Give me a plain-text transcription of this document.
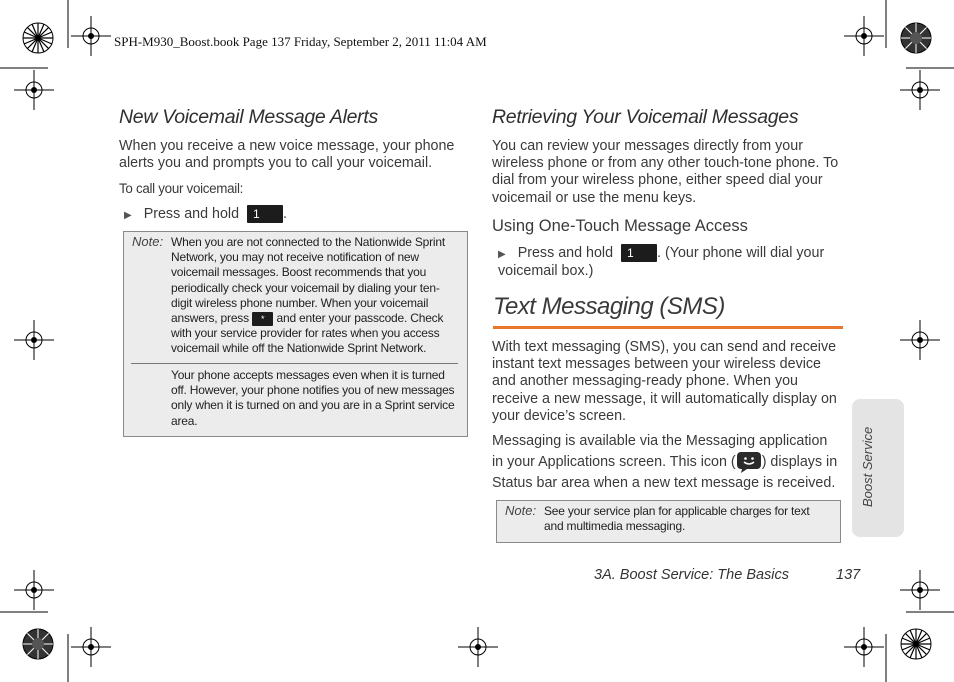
SPH-M930_Boost.book Page 137 Friday, September 2, 2011 11:04 AM
New Voicemail Message Alerts
When you receive a new voice message, your phone alerts you and prompts you to call your voicemail.
To call your voicemail:
▶ Press and hold 1 .
Note: When you are not connected to the Nationwide Sprint Network, you may not receive notification of new voicemail messages. Boost recommends that you periodically check your voicemail by dialing your ten-digit wireless phone number. When your voicemail answers, press * and enter your passcode. Check with your service provider for rates when you access voicemail while off the Nationwide Sprint Network.
Your phone accepts messages even when it is turned off. However, your phone notifies you of new messages only when it is turned on and you are in a Sprint service area.
Retrieving Your Voicemail Messages
You can review your messages directly from your wireless phone or from any other touch-tone phone. To dial from your wireless phone, either speed dial your voicemail or use the menu keys.
Using One-Touch Message Access
▶ Press and hold 1 . (Your phone will dial your voicemail box.)
Text Messaging (SMS)
With text messaging (SMS), you can send and receive instant text messages between your wireless device and another messaging-ready phone. When you receive a new message, it will automatically display on your device’s screen.
Messaging is available via the Messaging application in your Applications screen. This icon ( ) displays in Status bar area when a new text message is received.
Note: See your service plan for applicable charges for text and multimedia messaging.
Boost Service
3A. Boost Service: The Basics	137
